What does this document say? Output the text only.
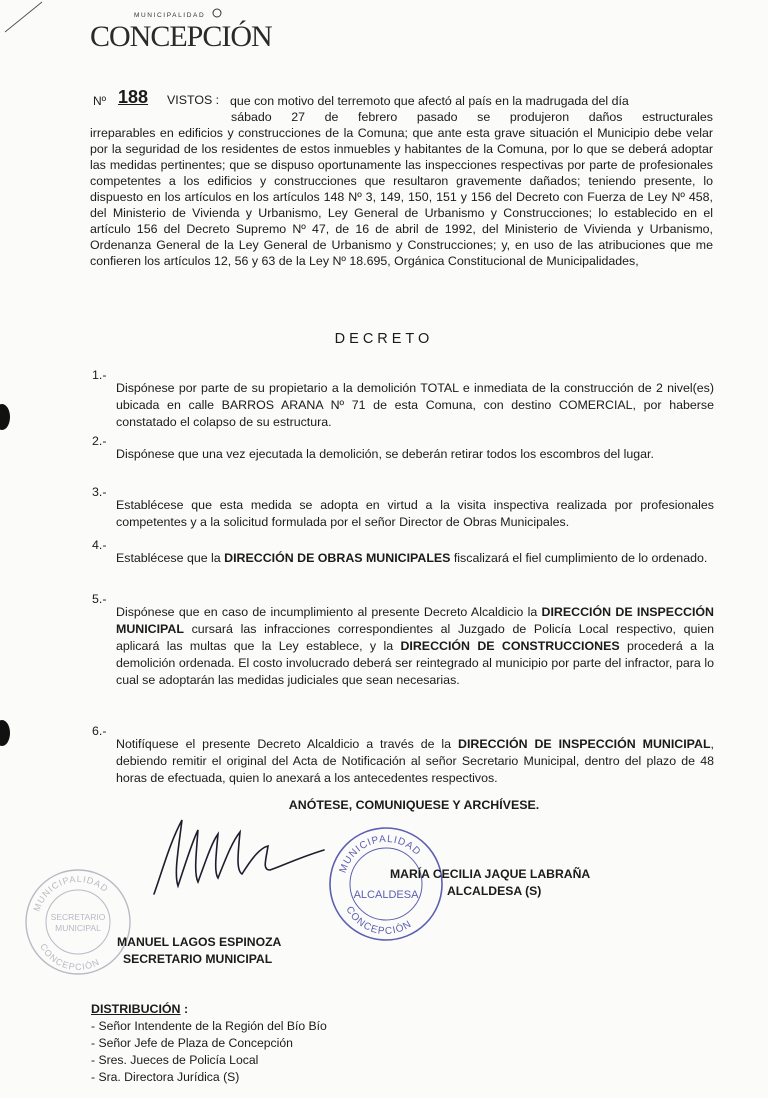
MUNICIPALIDAD
CONCEPCIÓN
Nº 188 VISTOS : que con motivo del terremoto que afectó al país en la madrugada del día

sábado 27 de febrero pasado se produjeron daños estructurales

irreparables en edificios y construcciones de la Comuna; que ante esta grave situación el Municipio debe velar por la seguridad de los residentes de estos inmuebles y habitantes de la Comuna, por lo que se deberá adoptar las medidas pertinentes; que se dispuso oportunamente las inspecciones respectivas por parte de profesionales competentes a los edificios y construcciones que resultaron gravemente dañados; teniendo presente, lo dispuesto en los artículos en los artículos 148 Nº 3, 149, 150, 151 y 156 del Decreto con Fuerza de Ley Nº 458, del Ministerio de Vivienda y Urbanismo, Ley General de Urbanismo y Construcciones; lo establecido en el artículo 156 del Decreto Supremo Nº 47, de 16 de abril de 1992, del Ministerio de Vivienda y Urbanismo, Ordenanza General de la Ley General de Urbanismo y Construcciones; y, en uso de las atribuciones que me confieren los artículos 12, 56 y 63 de la Ley Nº 18.695, Orgánica Constitucional de Municipalidades,

DECRETO
1.-

Dispónese por parte de su propietario a la demolición TOTAL e inmediata de la construcción de 2 nivel(es) ubicada en calle BARROS ARANA Nº 71 de esta Comuna, con destino COMERCIAL, por haberse constatado el colapso de su estructura.

2.-

Dispónese que una vez ejecutada la demolición, se deberán retirar todos los escombros del lugar.

3.-

Establécese que esta medida se adopta en virtud a la visita inspectiva realizada por profesionales competentes y a la solicitud formulada por el señor Director de Obras Municipales.

4.-

Establécese que la DIRECCIÓN DE OBRAS MUNICIPALES fiscalizará el fiel cumplimiento de lo ordenado.

5.-

Dispónese que en caso de incumplimiento al presente Decreto Alcaldicio la DIRECCIÓN DE INSPECCIÓN MUNICIPAL cursará las infracciones correspondientes al Juzgado de Policía Local respectivo, quien aplicará las multas que la Ley establece, y la DIRECCIÓN DE CONSTRUCCIONES procederá a la demolición ordenada. El costo involucrado deberá ser reintegrado al municipio por parte del infractor, para lo cual se adoptarán las medidas judiciales que sean necesarias.

6.-

Notifíquese el presente Decreto Alcaldicio a través de la DIRECCIÓN DE INSPECCIÓN MUNICIPAL, debiendo remitir el original del Acta de Notificación al señor Secretario Municipal, dentro del plazo de 48 horas de efectuada, quien lo anexará a los antecedentes respectivos.

ANÓTESE, COMUNIQUESE Y ARCHÍVESE.
MUNICIPALIDAD
ALCALDESA
CONCEPCIÓN
MUNICIPALIDAD
SECRETARIO
MUNICIPAL
CONCEPCIÓN
MARÍA CECILIA JAQUE LABRAÑA
ALCALDESA (S)
MANUEL LAGOS ESPINOZA
SECRETARIO MUNICIPAL
DISTRIBUCIÓN :
- Señor Intendente de la Región del Bío Bío
- Señor Jefe de Plaza de Concepción
- Sres. Jueces de Policía Local
- Sra. Directora Jurídica (S)
